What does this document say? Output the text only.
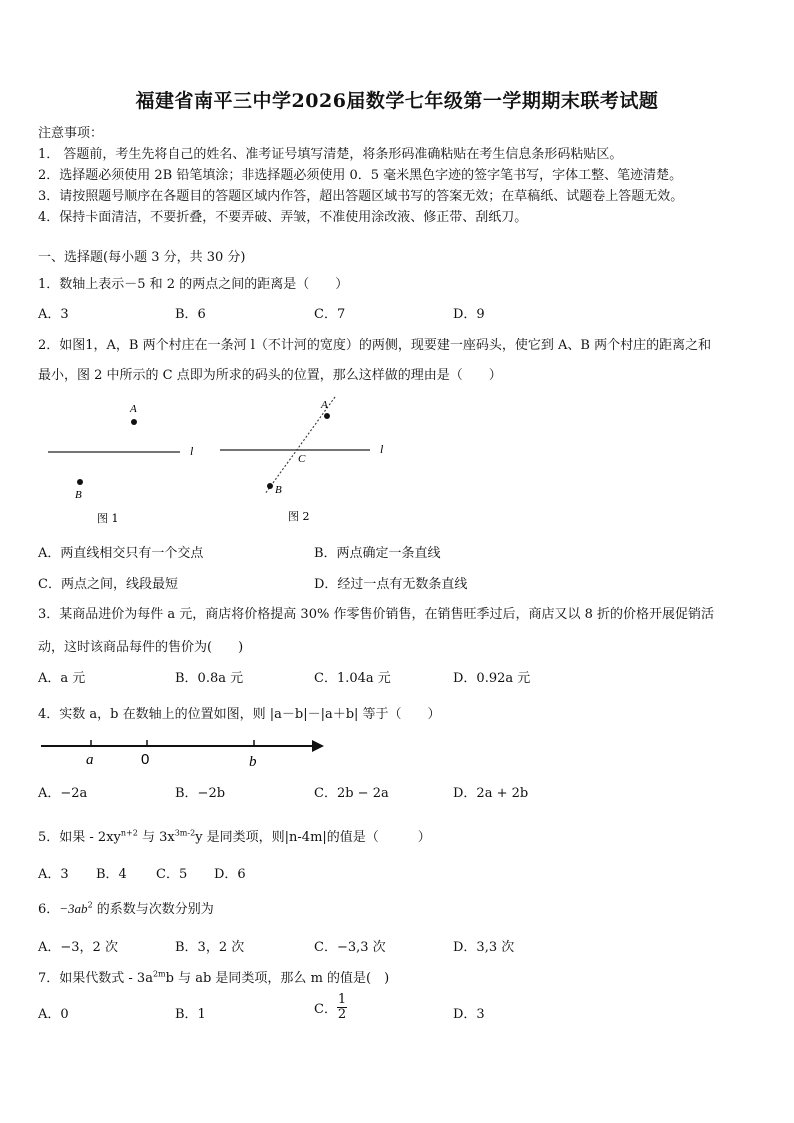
福建省南平三中学2026届数学七年级第一学期期末联考试题
注意事项：
1． 答题前，考生先将自己的姓名、准考证号填写清楚，将条形码准确粘贴在考生信息条形码粘贴区。
2．选择题必须使用 2B 铅笔填涂；非选择题必须使用 0．5 毫米黑色字迹的签字笔书写，字体工整、笔迹清楚。
3．请按照题号顺序在各题目的答题区域内作答，超出答题区域书写的答案无效；在草稿纸、试题卷上答题无效。
4．保持卡面清洁，不要折叠，不要弄破、弄皱，不准使用涂改液、修正带、刮纸刀。
一、选择题(每小题 3 分，共 30 分)
1．数轴上表示－5 和 2 的两点之间的距离是（　　）
A．3	B．6	C．7	D．9
2．如图1，A，B 两个村庄在一条河 l（不计河的宽度）的两侧，现要建一座码头，使它到 A、B 两个村庄的距离之和
最小，图 2 中所示的 C 点即为所求的码头的位置，那么这样做的理由是（　　）
A
B
l
图 1
A
B
C
l
图 2
A．两直线相交只有一个交点	B．两点确定一条直线
C．两点之间，线段最短	D．经过一点有无数条直线
3．某商品进价为每件 a 元，商店将价格提高 30% 作零售价销售，在销售旺季过后，商店又以 8 折的价格开展促销活
动，这时该商品每件的售价为(　　)
A．a 元	B．0.8a 元	C．1.04a 元	D．0.92a 元
4．实数 a，b 在数轴上的位置如图，则 |a－b|－|a＋b| 等于（　　）
a	0	b
A．−2a	B．−2b	C．2b − 2a	D．2a + 2b
5．如果 - $2xy^{n+2}$ 与 $3x^{3m-2}y$ 是同类项，则|n-4m|的值是（　　　）
A．3 B．4 C．5 D．6
6．$-3ab^2$ 的系数与次数分别为
A．−3，2 次	B．3，2 次	C．−3,3 次	D．3,3 次
7．如果代数式 - $3a^{2m}b$ 与 ab 是同类项，那么 m 的值是(　)
A．0	B．1	C． $\frac{1}{2}$	D．3
